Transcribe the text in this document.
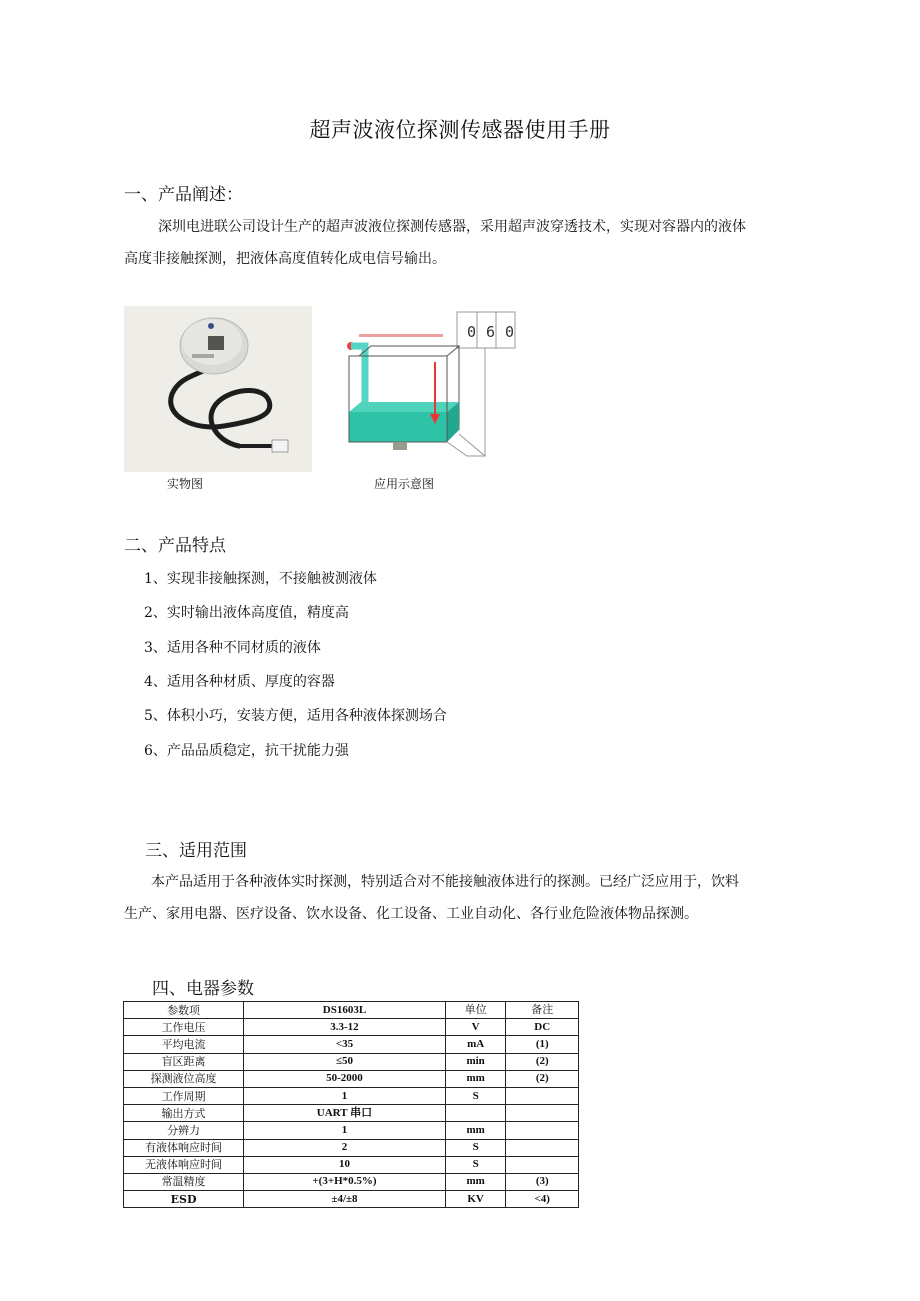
超声波液位探测传感器使用手册
一、产品阐述：
深圳电进联公司设计生产的超声波液位探测传感器，采用超声波穿透技术，实现对容器内的液体
高度非接触探测，把液体高度值转化成电信号输出。
实物图
0 6 0
应用示意图
二、产品特点
1、实现非接触探测，不接触被测液体
2、实时输出液体高度值，精度高
3、适用各种不同材质的液体
4、适用各种材质、厚度的容器
5、体积小巧，安装方便，适用各种液体探测场合
6、产品品质稳定，抗干扰能力强
三、适用范围
本产品适用于各种液体实时探测，特别适合对不能接触液体进行的探测。已经广泛应用于，饮料
生产、家用电器、医疗设备、饮水设备、化工设备、工业自动化、各行业危险液体物品探测。
四、电器参数
参数项	DS1603L	单位	备注
工作电压	3.3-12	V	DC
平均电流	<35	mA	(1)
盲区距离	≤50	min	(2)
探测液位高度	50-2000	mm	(2)
工作周期	1	S	
输出方式	UART 串口		
分辨力	1	mm	
有液体响应时间	2	S	
无液体响应时间	10	S	
常温精度	+(3+H*0.5%)	mm	(3)
ESD	±4/±8	KV	<4)
